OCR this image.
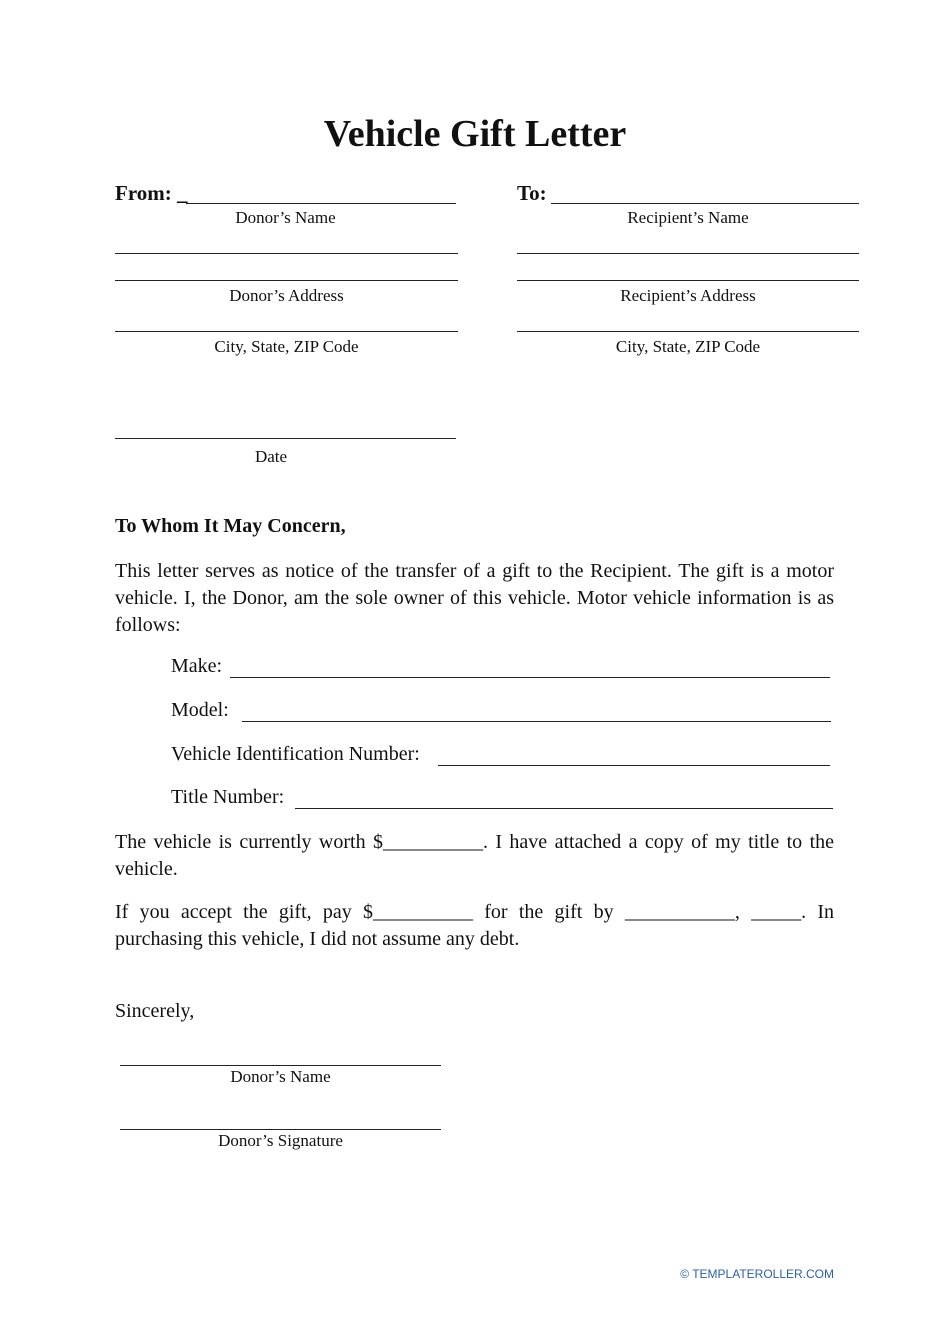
Vehicle Gift Letter
From: _
Donor’s Name
To:
Recipient’s Name
Donor’s Address	Recipient’s Address
City, State, ZIP Code	City, State, ZIP Code
Date
To Whom It May Concern,
This letter serves as notice of the transfer of a gift to the Recipient. The gift is a motor vehicle. I, the Donor, am the sole owner of this vehicle. Motor vehicle information is as follows:
Make:
Model:
Vehicle Identification Number:
Title Number:
The vehicle is currently worth $__________. I have attached a copy of my title to the vehicle.
If you accept the gift, pay $__________ for the gift by ___________, _____. In purchasing this vehicle, I did not assume any debt.
Sincerely,
Donor’s Name
Donor’s Signature
© TEMPLATEROLLER.COM
